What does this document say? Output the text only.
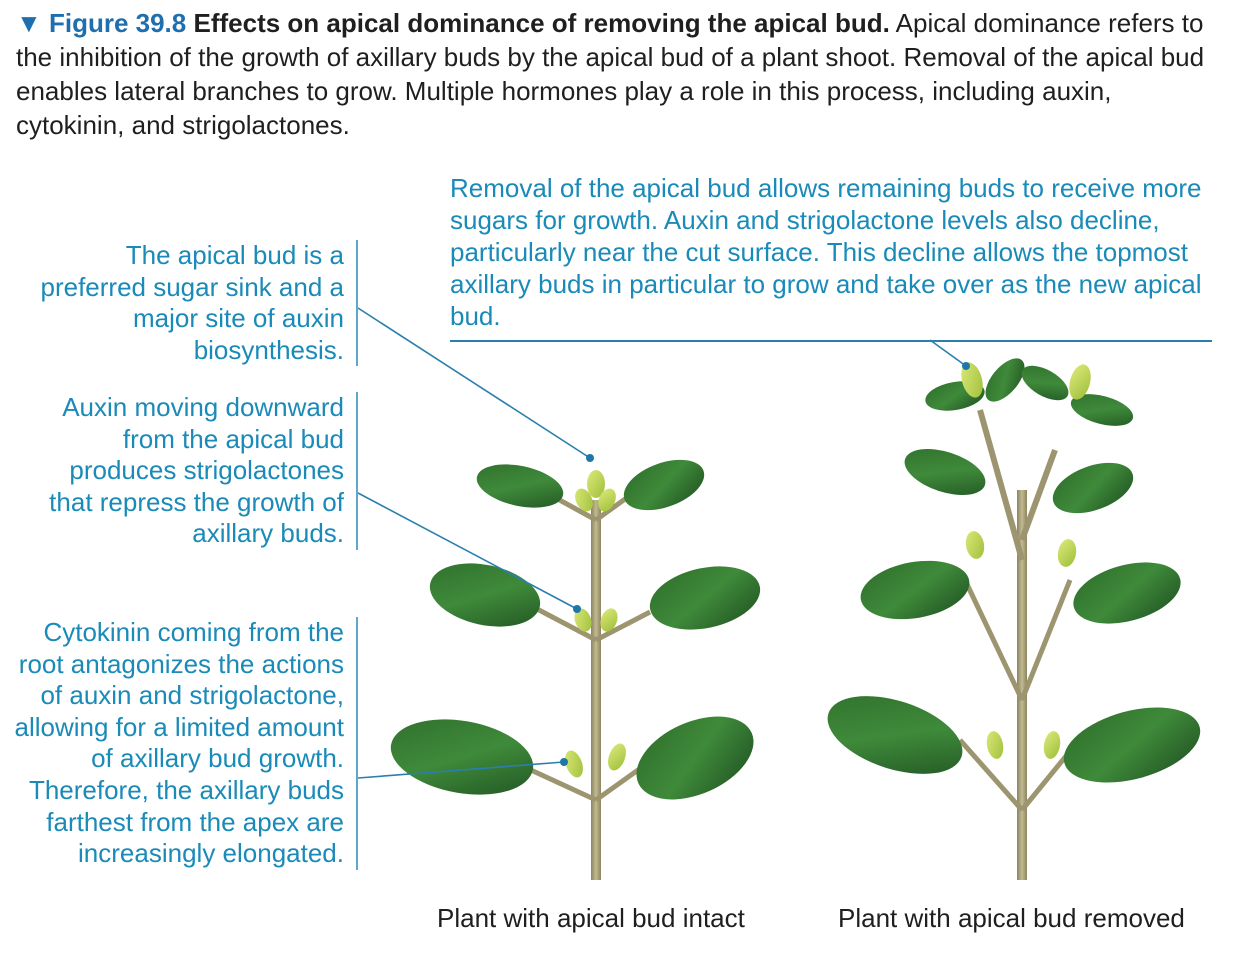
▼ Figure 39.8 Effects on apical dominance of removing the apical bud. Apical dominance refers to the inhibition of the growth of axillary buds by the apical bud of a plant shoot. Removal of the apical bud enables lateral branches to grow. Multiple hormones play a role in this process, including auxin, cytokinin, and strigolactones.
The apical bud is a preferred sugar sink and a major site of auxin biosynthesis.
Auxin moving downward from the apical bud produces strigolactones that repress the growth of axillary buds.
Cytokinin coming from the root antagonizes the actions of auxin and strigolactone, allowing for a limited amount of axillary bud growth. Therefore, the axillary buds farthest from the apex are increasingly elongated.
Removal of the apical bud allows remaining buds to receive more sugars for growth. Auxin and strigolactone levels also decline, particularly near the cut surface. This decline allows the topmost axillary buds in particular to grow and take over as the new apical bud.
Plant with apical bud intact	Plant with apical bud removed
